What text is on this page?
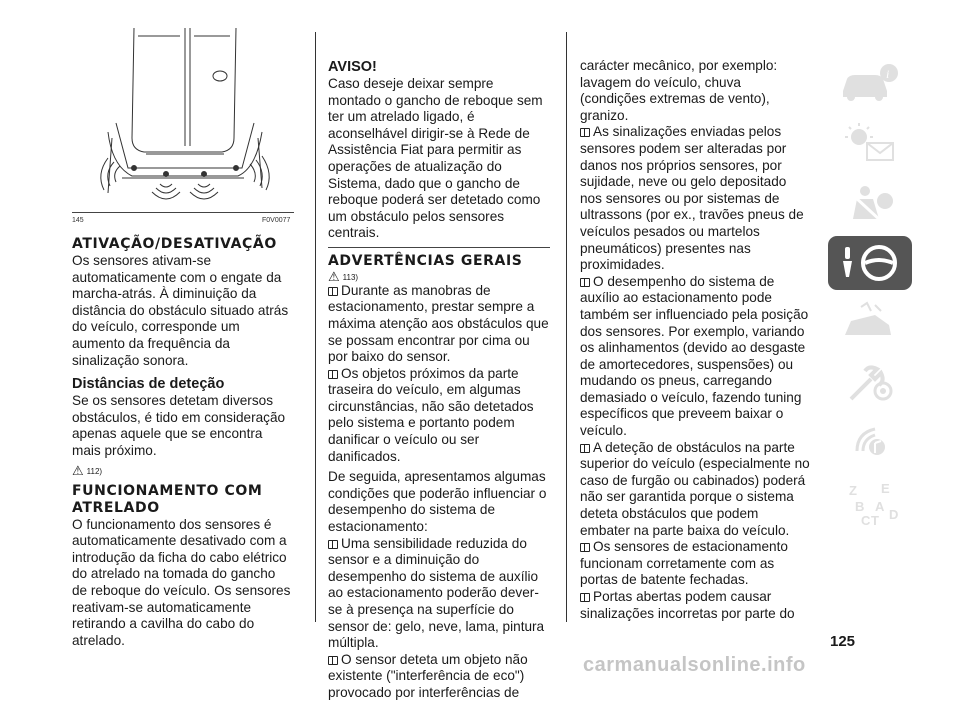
145	F0V0077

ATIVAÇÃO/DESATIVAÇÃO

Os sensores ativam-se automaticamente com o engate da marcha-atrás. À diminuição da distância do obstáculo situado atrás do veículo, corresponde um aumento da frequência da sinalização sonora.

Distâncias de deteção

Se os sensores detetam diversos obstáculos, é tido em consideração apenas aquele que se encontra mais próximo.

⚠ 112)

FUNCIONAMENTO COM ATRELADO

O funcionamento dos sensores é automaticamente desativado com a introdução da ficha do cabo elétrico do atrelado na tomada do gancho de reboque do veículo. Os sensores reativam-se automaticamente retirando a cavilha do cabo do atrelado.

AVISO!

Caso deseje deixar sempre montado o gancho de reboque sem ter um atrelado ligado, é aconselhável dirigir-se à Rede de Assistência Fiat para permitir as operações de atualização do Sistema, dado que o gancho de reboque poderá ser detetado como um obstáculo pelos sensores centrais.

ADVERTÊNCIAS GERAIS

⚠ 113)

Durante as manobras de estacionamento, prestar sempre a máxima atenção aos obstáculos que se possam encontrar por cima ou por baixo do sensor.

Os objetos próximos da parte traseira do veículo, em algumas circunstâncias, não são detetados pelo sistema e portanto podem danificar o veículo ou ser danificados.

De seguida, apresentamos algumas condições que poderão influenciar o desempenho do sistema de estacionamento:

Uma sensibilidade reduzida do sensor e a diminuição do desempenho do sistema de auxílio ao estacionamento poderão dever-se à presença na superfície do sensor de: gelo, neve, lama, pintura múltipla.

O sensor deteta um objeto não existente ("interferência de eco") provocado por interferências de

carácter mecânico, por exemplo: lavagem do veículo, chuva (condições extremas de vento), granizo.

As sinalizações enviadas pelos sensores podem ser alteradas por danos nos próprios sensores, por sujidade, neve ou gelo depositado nos sensores ou por sistemas de ultrassons (por ex., travões pneus de veículos pesados ou martelos pneumáticos) presentes nas proximidades.

O desempenho do sistema de auxílio ao estacionamento pode também ser influenciado pela posição dos sensores. Por exemplo, variando os alinhamentos (devido ao desgaste de amortecedores, suspensões) ou mudando os pneus, carregando demasiado o veículo, fazendo tuning específicos que preveem baixar o veículo.

A deteção de obstáculos na parte superior do veículo (especialmente no caso de furgão ou cabinados) poderá não ser garantida porque o sistema deteta obstáculos que podem embater na parte baixa do veículo.

Os sensores de estacionamento funcionam corretamente com as portas de batente fechadas.

Portas abertas podem causar sinalizações incorretas por parte do

i
Z E
B A
C D
T
125
carmanualsonline.info
